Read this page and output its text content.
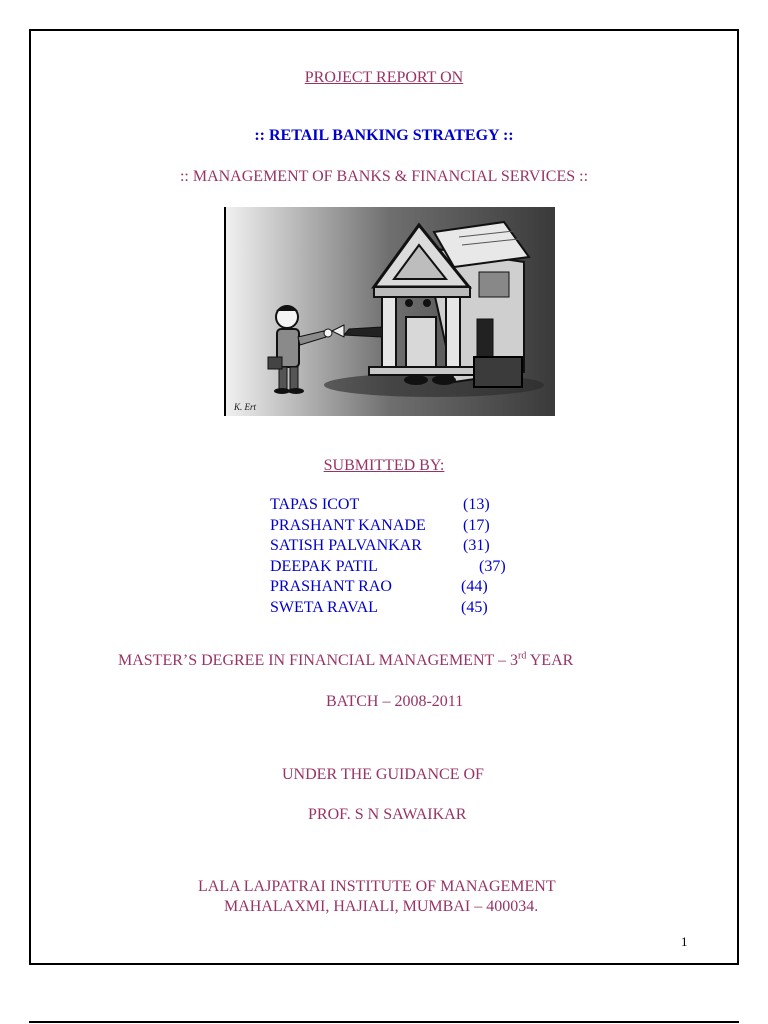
PROJECT REPORT ON
:: RETAIL BANKING STRATEGY ::
:: MANAGEMENT OF BANKS & FINANCIAL SERVICES ::
K. Ert
SUBMITTED BY:
TAPAS ICOT	(13)
PRASHANT KANADE (17)
SATISH PALVANKAR	(31)
DEEPAK PATIL	(37)
PRASHANT RAO	(44)
SWETA RAVAL	(45)
MASTER’S DEGREE IN FINANCIAL MANAGEMENT – 3rd YEAR
BATCH – 2008-2011
UNDER THE GUIDANCE OF
PROF. S N SAWAIKAR
LALA LAJPATRAI INSTITUTE OF MANAGEMENT
MAHALAXMI, HAJIALI, MUMBAI – 400034.
1
